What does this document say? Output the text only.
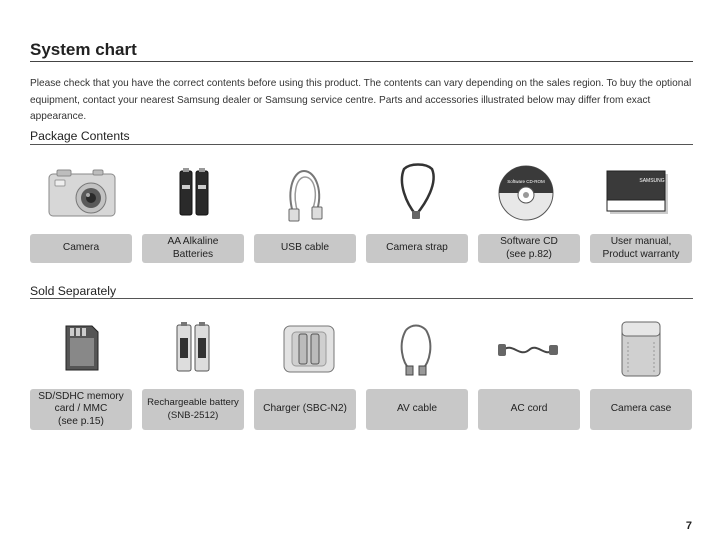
System chart
Please check that you have the correct contents before using this product. The contents can vary depending on the sales region. To buy the optional equipment, contact your nearest Samsung dealer or Samsung service centre. Parts and accessories illustrated below may differ from exact appearance.
Package Contents
Software CD-ROM	SAMSUNG
Camera
AA Alkaline
Batteries
USB cable	Camera strap
Software CD
(see p.82)
User manual,
Product warranty
Sold Separately
SD/SDHC memory
card / MMC
(see p.15)
Rechargeable battery
(SNB-2512)
Charger (SBC-N2)	AV cable	AC cord	Camera case
7
